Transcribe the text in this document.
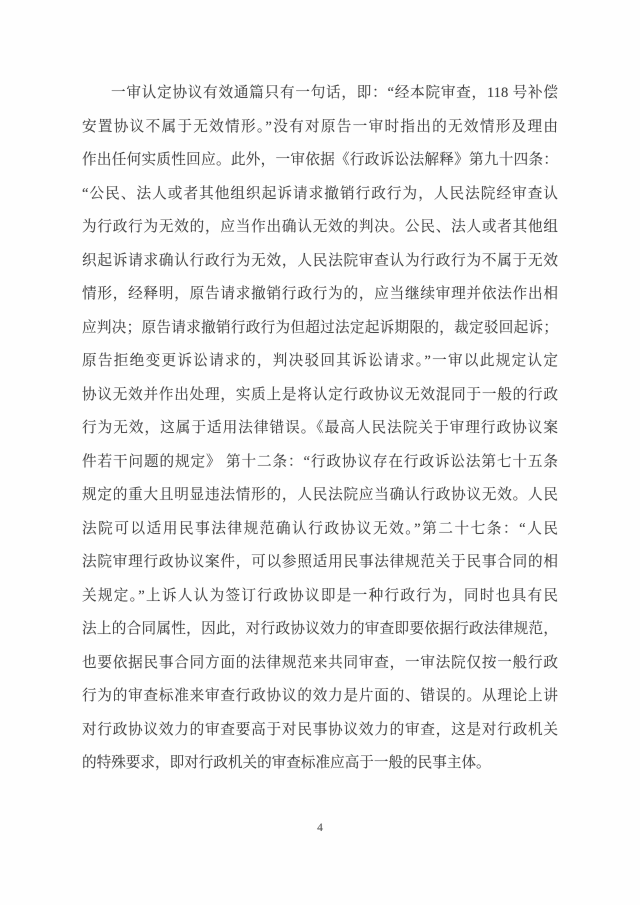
一审认定协议有效通篇只有一句话，即：“经本院审查，118 号补偿
安置协议不属于无效情形。”没有对原告一审时指出的无效情形及理由
作出任何实质性回应。此外，一审依据《行政诉讼法解释》第九十四条：
“公民、法人或者其他组织起诉请求撤销行政行为，人民法院经审查认
为行政行为无效的，应当作出确认无效的判决。公民、法人或者其他组
织起诉请求确认行政行为无效，人民法院审查认为行政行为不属于无效
情形，经释明，原告请求撤销行政行为的，应当继续审理并依法作出相
应判决；原告请求撤销行政行为但超过法定起诉期限的，裁定驳回起诉；
原告拒绝变更诉讼请求的，判决驳回其诉讼请求。”一审以此规定认定
协议无效并作出处理，实质上是将认定行政协议无效混同于一般的行政
行为无效，这属于适用法律错误。《最高人民法院关于审理行政协议案
件若干问题的规定》 第十二条：“行政协议存在行政诉讼法第七十五条
规定的重大且明显违法情形的，人民法院应当确认行政协议无效。人民
法院可以适用民事法律规范确认行政协议无效。”第二十七条：“人民
法院审理行政协议案件，可以参照适用民事法律规范关于民事合同的相
关规定。”上诉人认为签订行政协议即是一种行政行为，同时也具有民
法上的合同属性，因此，对行政协议效力的审查即要依据行政法律规范，
也要依据民事合同方面的法律规范来共同审查，一审法院仅按一般行政
行为的审查标准来审查行政协议的效力是片面的、错误的。从理论上讲
对行政协议效力的审查要高于对民事协议效力的审查，这是对行政机关
的特殊要求，即对行政机关的审查标准应高于一般的民事主体。
4
